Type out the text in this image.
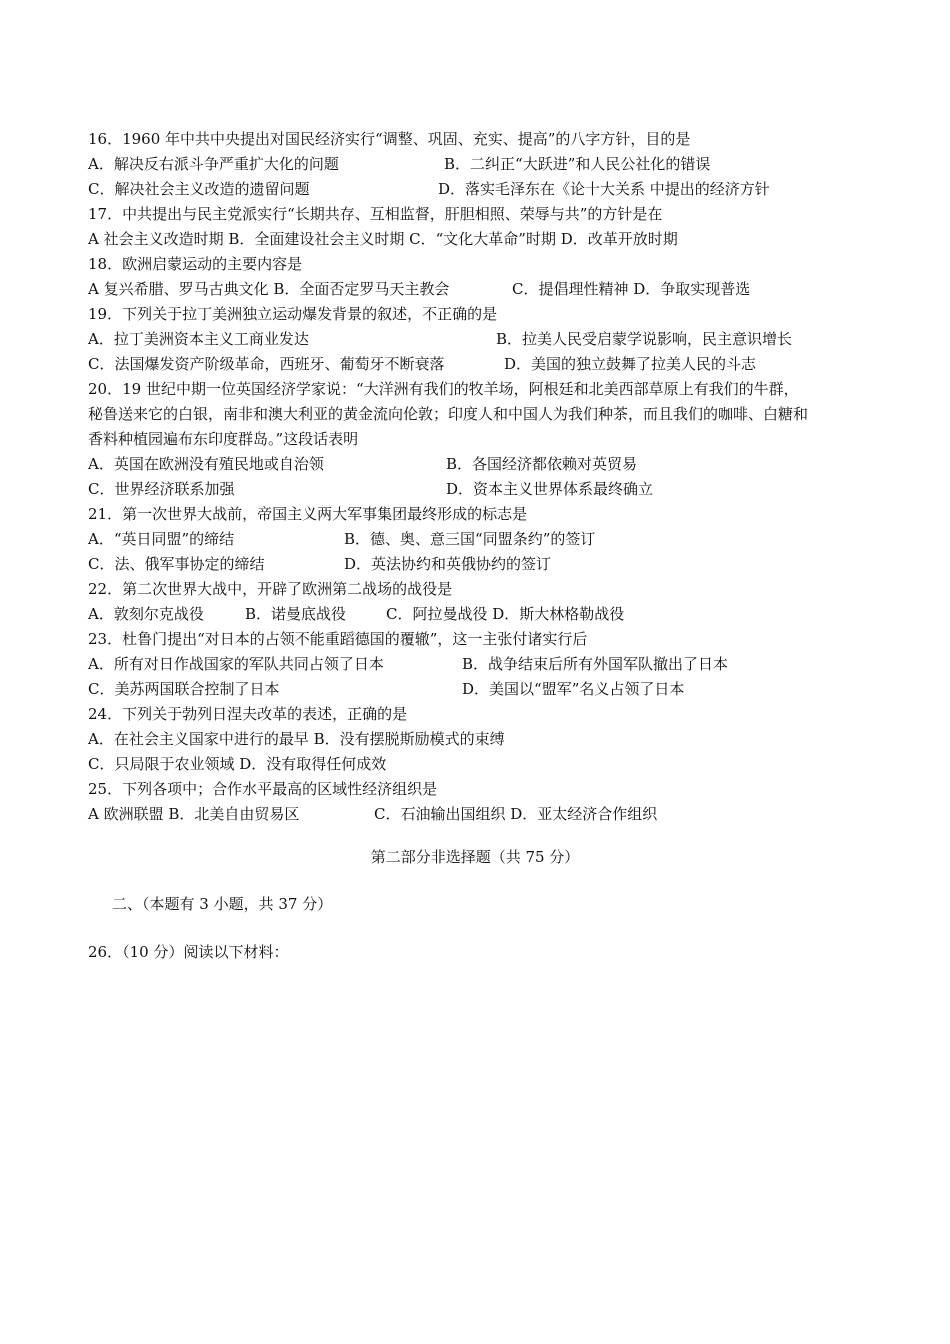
16．1960 年中共中央提出对国民经济实行“调整、巩固、充实、提高”的八字方针，目的是
A．解决反右派斗争严重扩大化的问题	B．二纠正“大跃进”和人民公社化的错误
C．解决社会主义改造的遗留问题	D．落实毛泽东在《论十大关系 中提出的经济方针
17．中共提出与民主党派实行“长期共存、互相监督，肝胆相照、荣辱与共”的方针是在
A 社会主义改造时期 B．全面建设社会主义时期 C．“文化大革命”时期 D．改革开放时期
18．欧洲启蒙运动的主要内容是
A 复兴希腊、罗马古典文化 B．全面否定罗马天主教会	C．提倡理性精神 D．争取实现普选
19．下列关于拉丁美洲独立运动爆发背景的叙述，不正确的是
A．拉丁美洲资本主义工商业发达	B．拉美人民受启蒙学说影响，民主意识增长
C．法国爆发资产阶级革命，西班牙、葡萄牙不断衰落	D．美国的独立鼓舞了拉美人民的斗志
20．19 世纪中期一位英国经济学家说：“大洋洲有我们的牧羊场，阿根廷和北美西部草原上有我们的牛群，
秘鲁送来它的白银，南非和澳大利亚的黄金流向伦敦；印度人和中国人为我们种茶，而且我们的咖啡、白糖和
香料种植园遍布东印度群岛。”这段话表明
A．英国在欧洲没有殖民地或自治领	B．各国经济都依赖对英贸易
C．世界经济联系加强	D．资本主义世界体系最终确立
21．第一次世界大战前，帝国主义两大军事集团最终形成的标志是
A．“英日同盟”的缔结	B．德、奥、意三国“同盟条约”的签订
C．法、俄军事协定的缔结	D．英法协约和英俄协约的签订
22．第二次世界大战中，开辟了欧洲第二战场的战役是
A．敦刻尔克战役	B．诺曼底战役	C．阿拉曼战役 D．斯大林格勒战役
23．杜鲁门提出“对日本的占领不能重蹈德国的覆辙”，这一主张付诸实行后
A．所有对日作战国家的军队共同占领了日本	B．战争结束后所有外国军队撤出了日本
C．美苏两国联合控制了日本	D．美国以“盟军”名义占领了日本
24．下列关于勃列日涅夫改革的表述，正确的是
A．在社会主义国家中进行的最早 B．没有摆脱斯励模式的束缚
C．只局限于农业领域 D．没有取得任何成效
25．下列各项中；合作水平最高的区域性经济组织是
A 欧洲联盟 B．北美自由贸易区	C．石油输出国组织 D．亚太经济合作组织
第二部分非选择题（共 75 分）
二、（本题有 3 小题，共 37 分）
26．（10 分）阅读以下材料：
